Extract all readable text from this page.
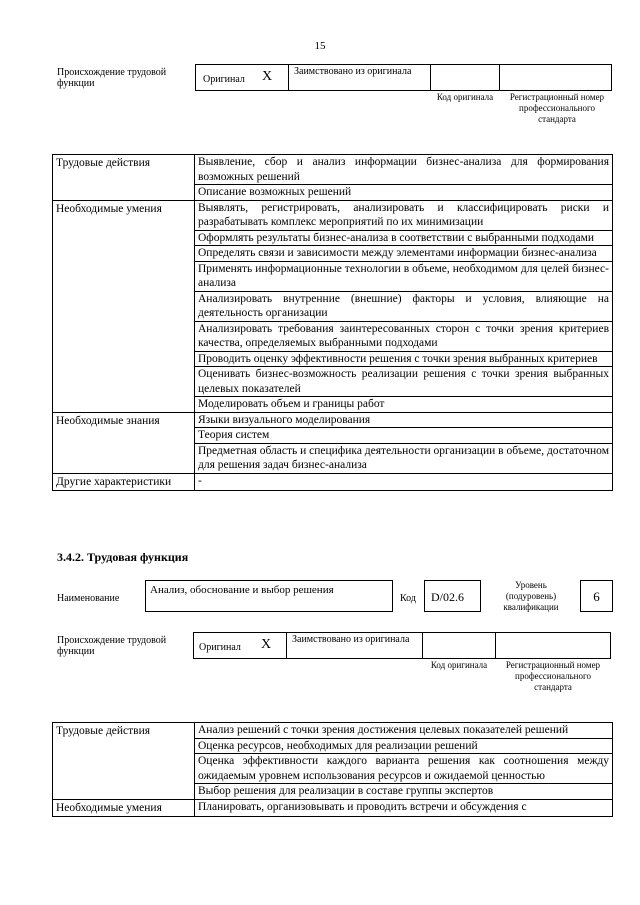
15
Происхождение трудовой функции	Оригинал X Заимствовано из оригинала
Код оригинала	Регистрационный номер профессионального стандарта
Трудовые действия	Выявление, сбор и анализ информации бизнес-анализа для формирования возможных решений
	Описание возможных решений
Необходимые умения	Выявлять, регистрировать, анализировать и классифицировать риски и разрабатывать комплекс мероприятий по их минимизации
	Оформлять результаты бизнес-анализа в соответствии с выбранными подходами
	Определять связи и зависимости между элементами информации бизнес-анализа
	Применять информационные технологии в объеме, необходимом для целей бизнес-анализа
	Анализировать внутренние (внешние) факторы и условия, влияющие на деятельность организации
	Анализировать требования заинтересованных сторон с точки зрения критериев качества, определяемых выбранными подходами
	Проводить оценку эффективности решения с точки зрения выбранных критериев
	Оценивать бизнес-возможность реализации решения с точки зрения выбранных целевых показателей
	Моделировать объем и границы работ
Необходимые знания	Языки визуального моделирования
	Теория систем
	Предметная область и специфика деятельности организации в объеме, достаточном для решения задач бизнес-анализа
Другие характеристики	-
3.4.2. Трудовая функция
Наименование
Анализ, обоснование и выбор решения
Код D/02.6
Уровень (подуровень) квалификации
6
Происхождение трудовой функции	Оригинал X Заимствовано из оригинала
Код оригинала	Регистрационный номер профессионального стандарта
Трудовые действия	Анализ решений с точки зрения достижения целевых показателей решений
	Оценка ресурсов, необходимых для реализации решений
	Оценка эффективности каждого варианта решения как соотношения между ожидаемым уровнем использования ресурсов и ожидаемой ценностью
	Выбор решения для реализации в составе группы экспертов
Необходимые умения	Планировать, организовывать и проводить встречи и обсуждения с
